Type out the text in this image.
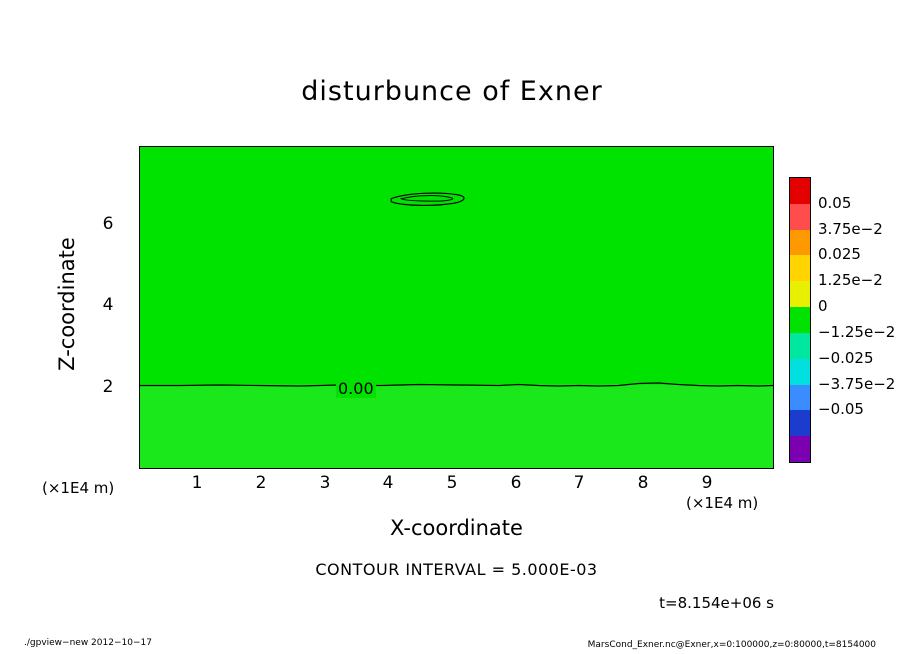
disturbunce of Exner
0.00
2
4
6
1	2	3	4	5	6	7	8	9
Z-coordinate
X-coordinate
(×1E4 m)
(×1E4 m)
CONTOUR INTERVAL = 5.000E-03
t=8.154e+06 s
./gpview−new 2012−10−17	MarsCond_Exner.nc@Exner,x=0:100000,z=0:80000,t=8154000
0.05
3.75e−2
0.025
1.25e−2
0
−1.25e−2
−0.025
−3.75e−2
−0.05
